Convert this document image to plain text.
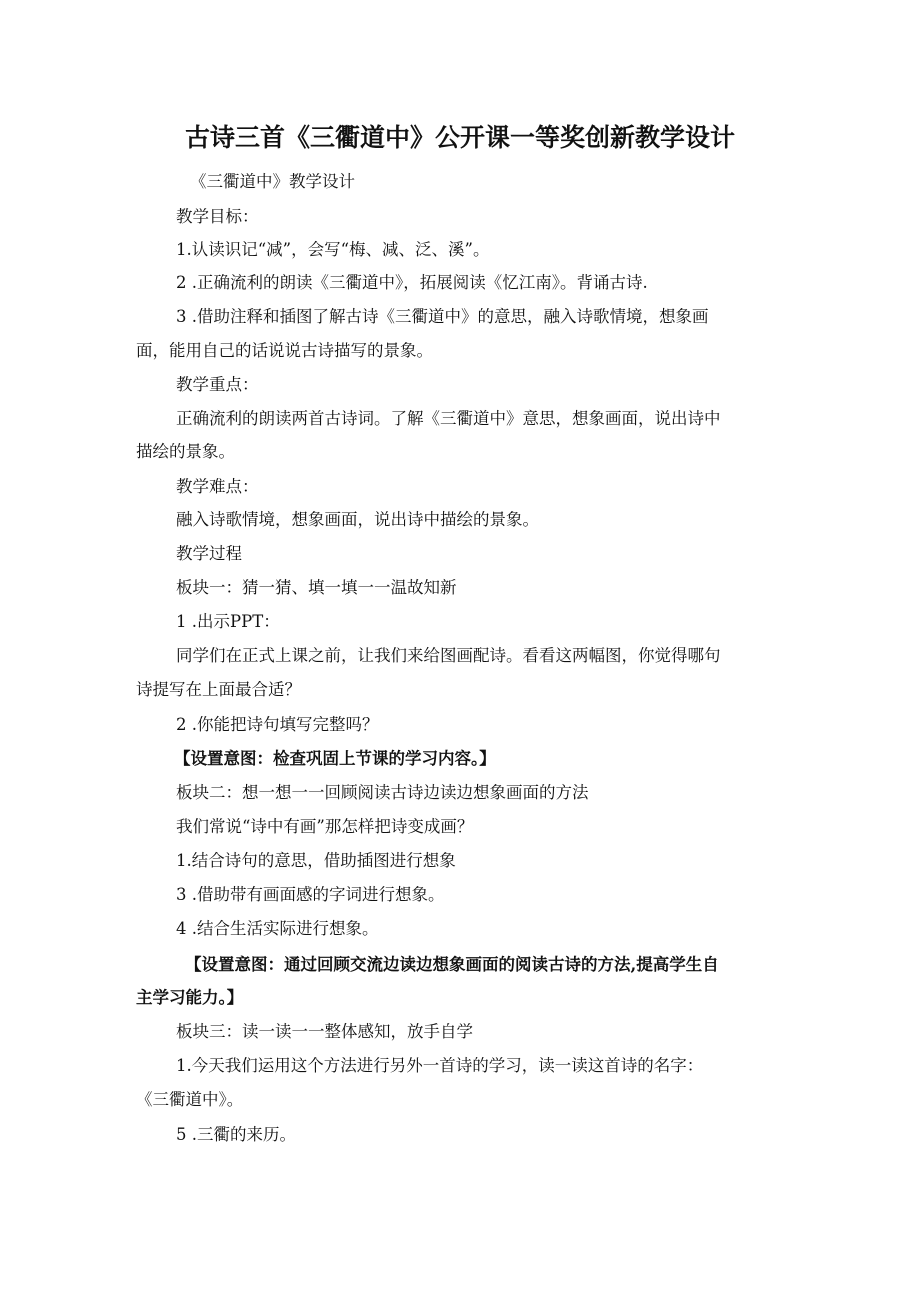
古诗三首《三衢道中》公开课一等奖创新教学设计
《三衢道中》教学设计
教学目标：
1.认读识记“减”，会写“梅、减、泛、溪”。
2 .正确流利的朗读《三衢道中》，拓展阅读《忆江南》。背诵古诗.
3 .借助注释和插图了解古诗《三衢道中》的意思，融入诗歌情境，想象画
面，能用自己的话说说古诗描写的景象。
教学重点：
正确流利的朗读两首古诗词。了解《三衢道中》意思，想象画面，说出诗中
描绘的景象。
教学难点：
融入诗歌情境，想象画面，说出诗中描绘的景象。
教学过程
板块一：猜一猜、填一填一一温故知新
1 .出示PPT：
同学们在正式上课之前，让我们来给图画配诗。看看这两幅图，你觉得哪句
诗提写在上面最合适？
2 .你能把诗句填写完整吗？
【设置意图：检查巩固上节课的学习内容。】
板块二：想一想一一回顾阅读古诗边读边想象画面的方法
我们常说“诗中有画”那怎样把诗变成画？
1.结合诗句的意思，借助插图进行想象
3 .借助带有画面感的字词进行想象。
4 .结合生活实际进行想象。
【设置意图：通过回顾交流边读边想象画面的阅读古诗的方法,提高学生自
主学习能力。】
板块三：读一读一一整体感知，放手自学
1.今天我们运用这个方法进行另外一首诗的学习，读一读这首诗的名字：
《三衢道中》。
5 .三衢的来历。
